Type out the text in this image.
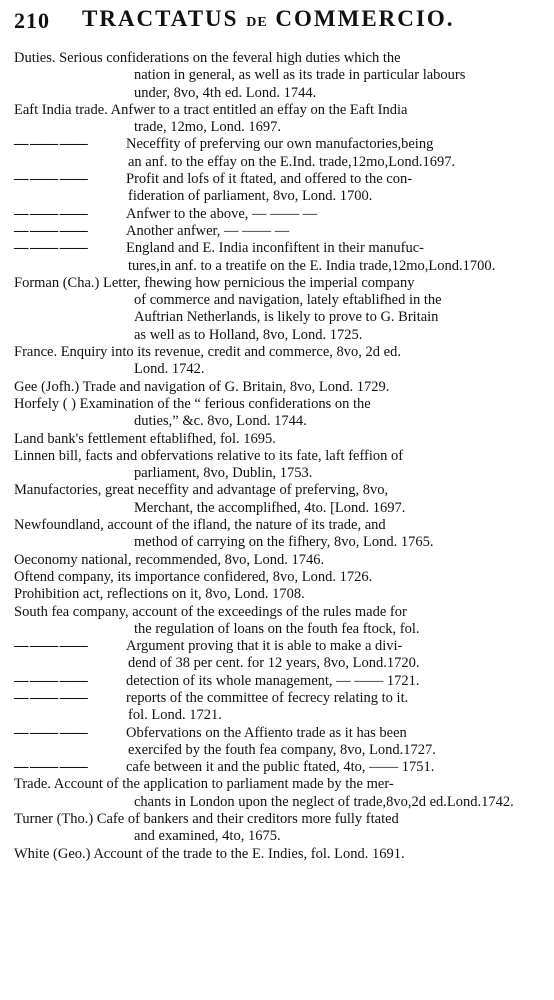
210 TRACTATUS DE COMMERCIO.
Duties. Serious confiderations on the feveral high duties which the
nation in general, as well as its trade in particular labours
under, 8vo, 4th ed. Lond. 1744.
Eaft India trade. Anfwer to a tract entitled an effay on the Eaft India
trade, 12mo, Lond. 1697.
— —— ——	Neceffity of preferving our own manufactories,being
an anf. to the effay on the E.Ind. trade,12mo,Lond.1697.
— —— ——	Profit and lofs of it ftated, and offered to the con-
fideration of parliament, 8vo, Lond. 1700.
— —— ——	Anfwer to the above, — —— —
— —— ——	Another anfwer, — —— —
— —— ——	England and E. India inconfiftent in their manufuc-
tures,in anf. to a treatife on the E. India trade,12mo,Lond.1700.
Forman (Cha.) Letter, fhewing how pernicious the imperial company
of commerce and navigation, lately eftablifhed in the
Auftrian Netherlands, is likely to prove to G. Britain
as well as to Holland, 8vo, Lond. 1725.
France. Enquiry into its revenue, credit and commerce, 8vo, 2d ed.
Lond. 1742.
Gee (Jofh.) Trade and navigation of G. Britain, 8vo, Lond. 1729.
Horfely ( ) Examination of the “ ferious confiderations on the
duties,” &c. 8vo, Lond. 1744.
Land bank's fettlement eftablifhed, fol. 1695.
Linnen bill, facts and obfervations relative to its fate, laft feffion of
parliament, 8vo, Dublin, 1753.
Manufactories, great neceffity and advantage of preferving, 8vo,
Merchant, the accomplifhed, 4to. [Lond. 1697.
Newfoundland, account of the ifland, the nature of its trade, and
method of carrying on the fifhery, 8vo, Lond. 1765.
Oeconomy national, recommended, 8vo, Lond. 1746.
Oftend company, its importance confidered, 8vo, Lond. 1726.
Prohibition act, reflections on it, 8vo, Lond. 1708.
South fea company, account of the exceedings of the rules made for
the regulation of loans on the fouth fea ftock, fol.
— —— ——	Argument proving that it is able to make a divi-
dend of 38 per cent. for 12 years, 8vo, Lond.1720.
— —— ——	detection of its whole management, — —— 1721.
— —— ——	reports of the committee of fecrecy relating to it.
fol. Lond. 1721.
— —— ——	Obfervations on the Affiento trade as it has been
exercifed by the fouth fea company, 8vo, Lond.1727.
— —— ——	cafe between it and the public ftated, 4to, —— 1751.
Trade. Account of the application to parliament made by the mer-
chants in London upon the neglect of trade,8vo,2d ed.Lond.1742.
Turner (Tho.) Cafe of bankers and their creditors more fully ftated
and examined, 4to, 1675.
White (Geo.) Account of the trade to the E. Indies, fol. Lond. 1691.
